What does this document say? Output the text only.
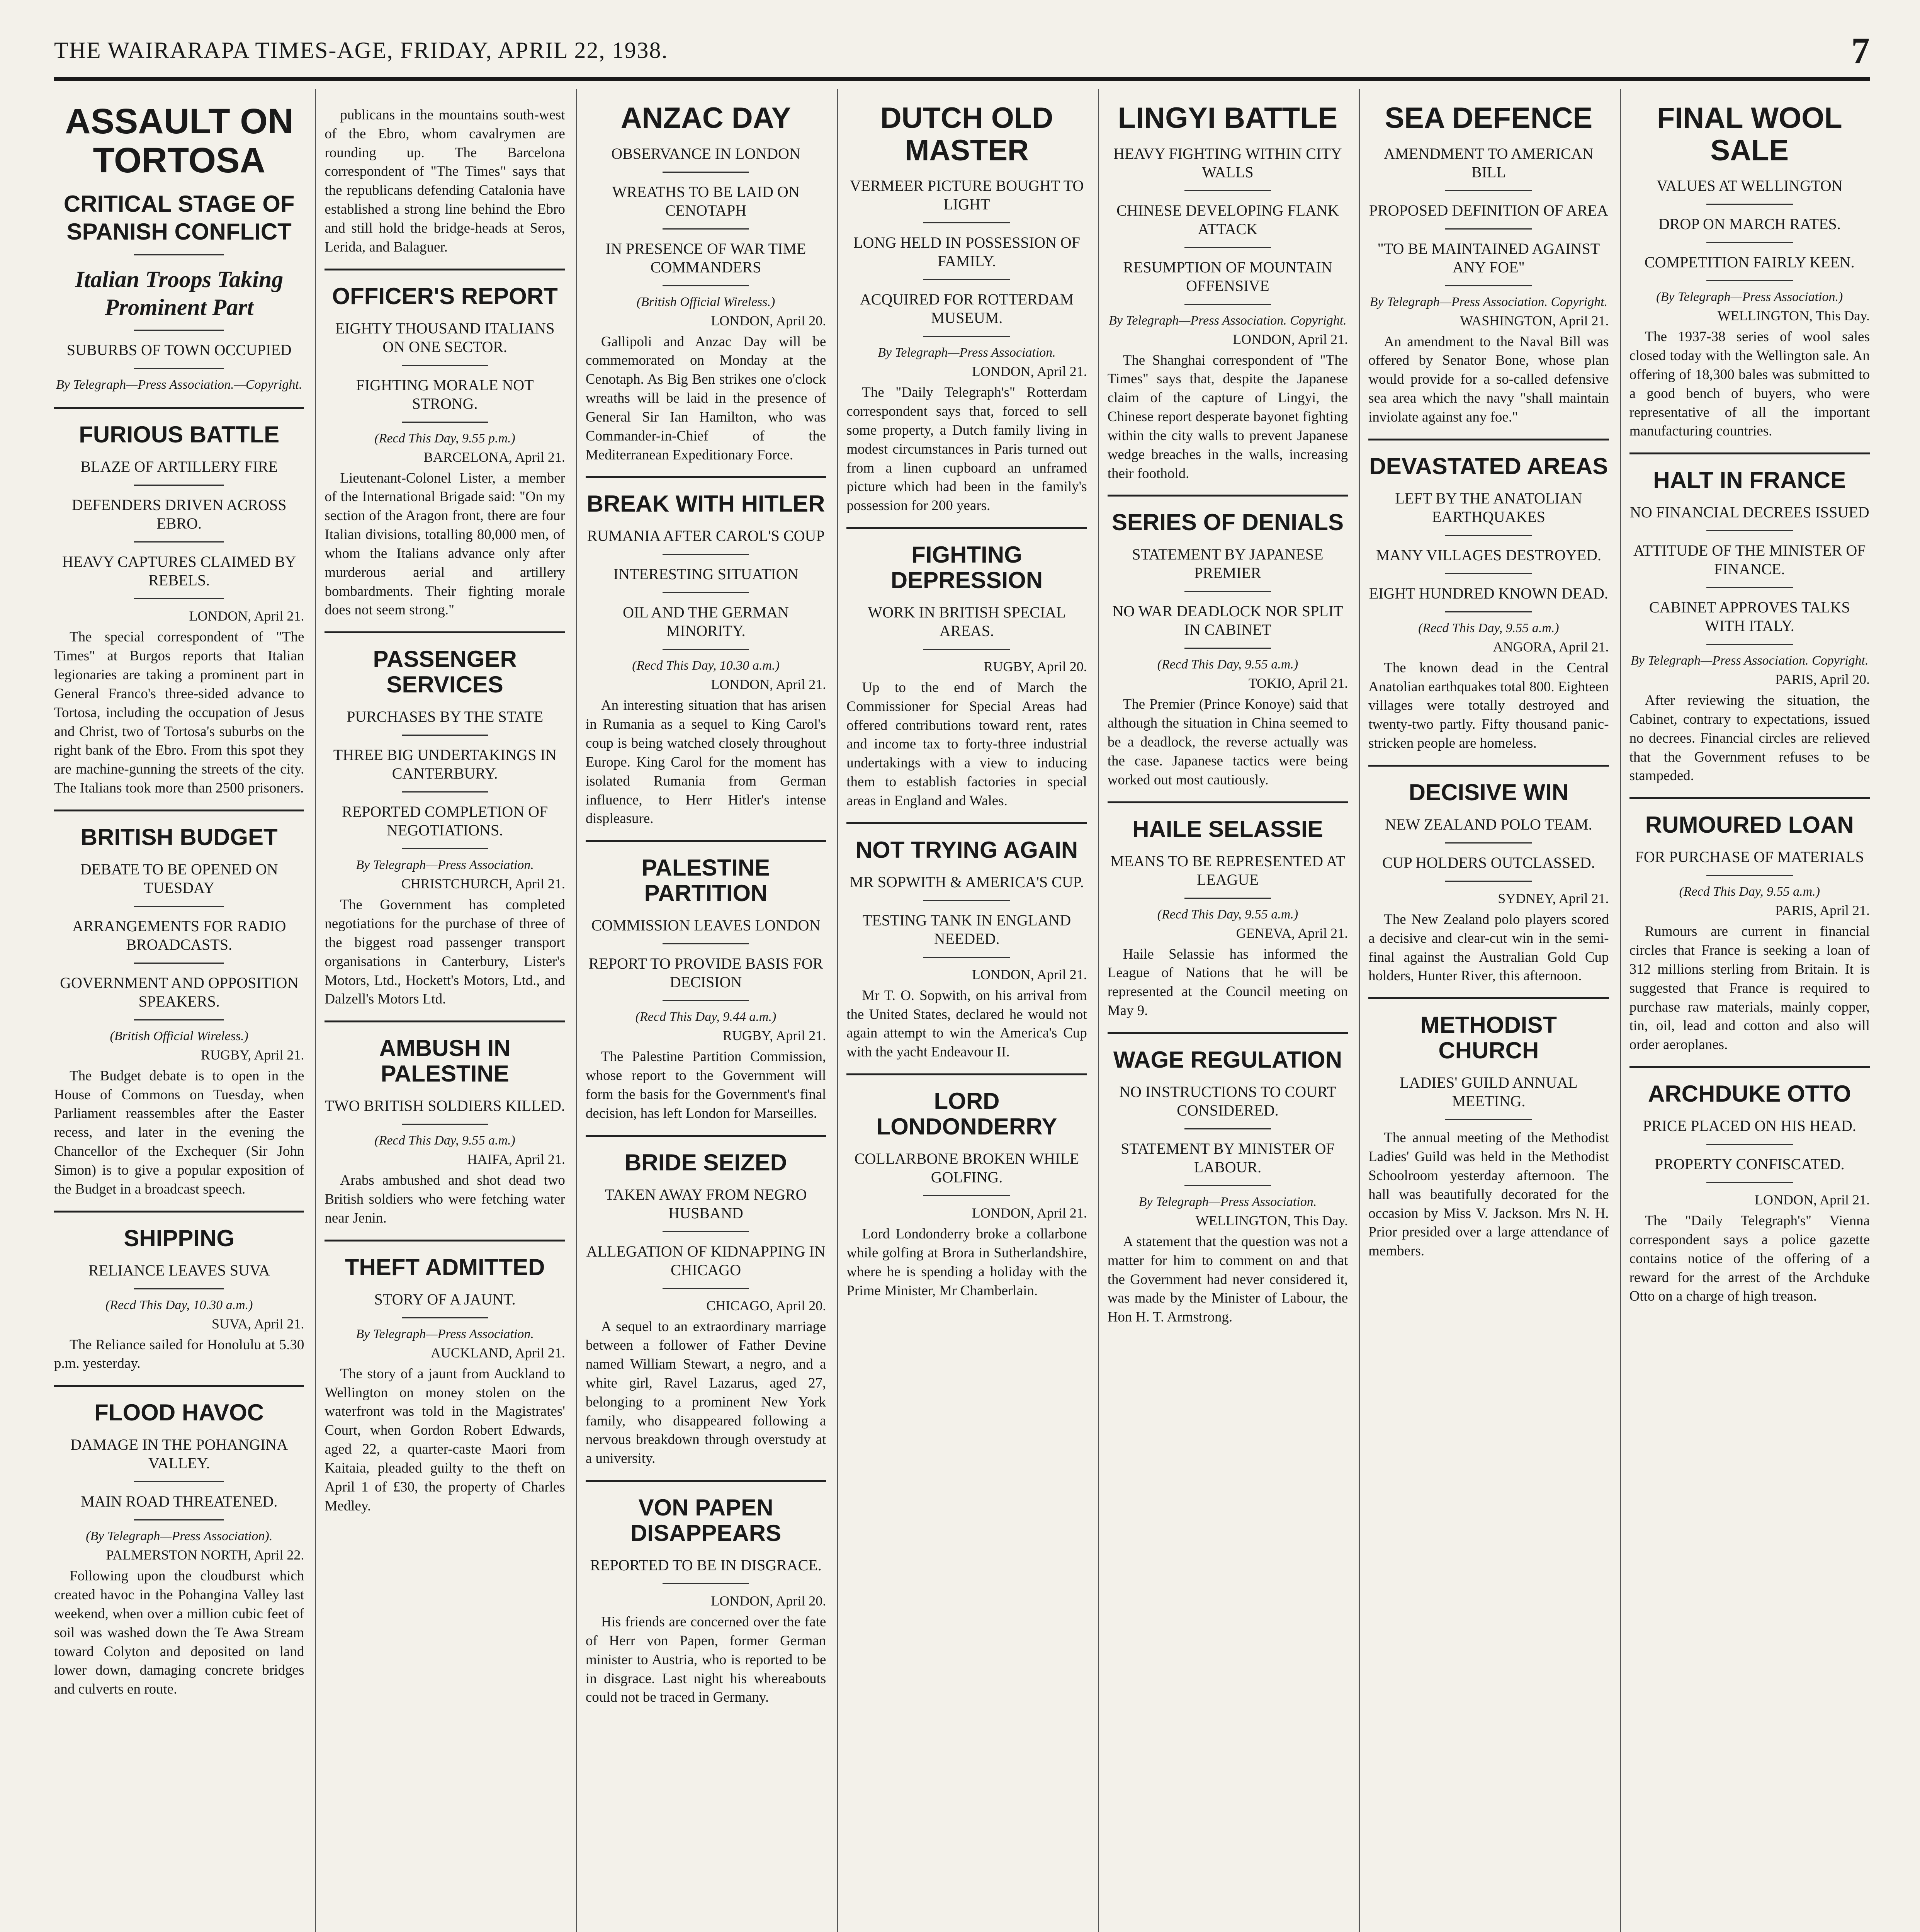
THE WAIRARAPA TIMES-AGE, FRIDAY, APRIL 22, 1938.	7
ASSAULT ON TORTOSA
CRITICAL STAGE OF SPANISH CONFLICT
Italian Troops Taking Prominent Part
SUBURBS OF TOWN OCCUPIED
By Telegraph—Press Association.—Copyright.
FURIOUS BATTLE
BLAZE OF ARTILLERY FIRE
DEFENDERS DRIVEN ACROSS EBRO.
HEAVY CAPTURES CLAIMED BY REBELS.
LONDON, April 21.
The special correspondent of "The Times" at Burgos reports that Italian legionaries are taking a prominent part in General Franco's three-sided advance to Tortosa, including the occupation of Jesus and Christ, two of Tortosa's suburbs on the right bank of the Ebro. From this spot they are machine-gunning the streets of the city. The Italians took more than 2500 prisoners.
BRITISH BUDGET
DEBATE TO BE OPENED ON TUESDAY
ARRANGEMENTS FOR RADIO BROADCASTS.
GOVERNMENT AND OPPOSITION SPEAKERS.
(British Official Wireless.)
RUGBY, April 21.
The Budget debate is to open in the House of Commons on Tuesday, when Parliament reassembles after the Easter recess, and later in the evening the Chancellor of the Exchequer (Sir John Simon) is to give a popular exposition of the Budget in a broadcast speech.
SHIPPING
RELIANCE LEAVES SUVA
(Recd This Day, 10.30 a.m.)
SUVA, April 21.
The Reliance sailed for Honolulu at 5.30 p.m. yesterday.
FLOOD HAVOC
DAMAGE IN THE POHANGINA VALLEY.
MAIN ROAD THREATENED.
(By Telegraph—Press Association).
PALMERSTON NORTH, April 22.
Following upon the cloudburst which created havoc in the Pohangina Valley last weekend, when over a million cubic feet of soil was washed down the Te Awa Stream toward Colyton and deposited on land lower down, damaging concrete bridges and culverts en route.
publicans in the mountains south-west of the Ebro, whom cavalrymen are rounding up. The Barcelona correspondent of "The Times" says that the republicans defending Catalonia have established a strong line behind the Ebro and still hold the bridge-heads at Seros, Lerida, and Balaguer.
OFFICER'S REPORT
EIGHTY THOUSAND ITALIANS ON ONE SECTOR.
FIGHTING MORALE NOT STRONG.
(Recd This Day, 9.55 p.m.)
BARCELONA, April 21.
Lieutenant-Colonel Lister, a member of the International Brigade said: "On my section of the Aragon front, there are four Italian divisions, totalling 80,000 men, of whom the Italians advance only after murderous aerial and artillery bombardments. Their fighting morale does not seem strong."
PASSENGER SERVICES
PURCHASES BY THE STATE
THREE BIG UNDERTAKINGS IN CANTERBURY.
REPORTED COMPLETION OF NEGOTIATIONS.
By Telegraph—Press Association.
CHRISTCHURCH, April 21.
The Government has completed negotiations for the purchase of three of the biggest road passenger transport organisations in Canterbury, Lister's Motors, Ltd., Hockett's Motors, Ltd., and Dalzell's Motors Ltd.
AMBUSH IN PALESTINE
TWO BRITISH SOLDIERS KILLED.
(Recd This Day, 9.55 a.m.)
HAIFA, April 21.
Arabs ambushed and shot dead two British soldiers who were fetching water near Jenin.
THEFT ADMITTED
STORY OF A JAUNT.
By Telegraph—Press Association.
AUCKLAND, April 21.
The story of a jaunt from Auckland to Wellington on money stolen on the waterfront was told in the Magistrates' Court, when Gordon Robert Edwards, aged 22, a quarter-caste Maori from Kaitaia, pleaded guilty to the theft on April 1 of £30, the property of Charles Medley.
ANZAC DAY
OBSERVANCE IN LONDON
WREATHS TO BE LAID ON CENOTAPH
IN PRESENCE OF WAR TIME COMMANDERS
(British Official Wireless.)
LONDON, April 20.
Gallipoli and Anzac Day will be commemorated on Monday at the Cenotaph. As Big Ben strikes one o'clock wreaths will be laid in the presence of General Sir Ian Hamilton, who was Commander-in-Chief of the Mediterranean Expeditionary Force.
BREAK WITH HITLER
RUMANIA AFTER CAROL'S COUP
INTERESTING SITUATION
OIL AND THE GERMAN MINORITY.
(Recd This Day, 10.30 a.m.)
LONDON, April 21.
An interesting situation that has arisen in Rumania as a sequel to King Carol's coup is being watched closely throughout Europe. King Carol for the moment has isolated Rumania from German influence, to Herr Hitler's intense displeasure.
PALESTINE PARTITION
COMMISSION LEAVES LONDON
REPORT TO PROVIDE BASIS FOR DECISION
(Recd This Day, 9.44 a.m.)
RUGBY, April 21.
The Palestine Partition Commission, whose report to the Government will form the basis for the Government's final decision, has left London for Marseilles.
BRIDE SEIZED
TAKEN AWAY FROM NEGRO HUSBAND
ALLEGATION OF KIDNAPPING IN CHICAGO
CHICAGO, April 20.
A sequel to an extraordinary marriage between a follower of Father Devine named William Stewart, a negro, and a white girl, Ravel Lazarus, aged 27, belonging to a prominent New York family, who disappeared following a nervous breakdown through overstudy at a university.
VON PAPEN DISAPPEARS
REPORTED TO BE IN DISGRACE.
LONDON, April 20.
His friends are concerned over the fate of Herr von Papen, former German minister to Austria, who is reported to be in disgrace. Last night his whereabouts could not be traced in Germany.
DUTCH OLD MASTER
VERMEER PICTURE BOUGHT TO LIGHT
LONG HELD IN POSSESSION OF FAMILY.
ACQUIRED FOR ROTTERDAM MUSEUM.
By Telegraph—Press Association.
LONDON, April 21.
The "Daily Telegraph's" Rotterdam correspondent says that, forced to sell some property, a Dutch family living in modest circumstances in Paris turned out from a linen cupboard an unframed picture which had been in the family's possession for 200 years.
FIGHTING DEPRESSION
WORK IN BRITISH SPECIAL AREAS.
RUGBY, April 20.
Up to the end of March the Commissioner for Special Areas had offered contributions toward rent, rates and income tax to forty-three industrial undertakings with a view to inducing them to establish factories in special areas in England and Wales.
NOT TRYING AGAIN
MR SOPWITH & AMERICA'S CUP.
TESTING TANK IN ENGLAND NEEDED.
LONDON, April 21.
Mr T. O. Sopwith, on his arrival from the United States, declared he would not again attempt to win the America's Cup with the yacht Endeavour II.
LORD LONDONDERRY
COLLARBONE BROKEN WHILE GOLFING.
LONDON, April 21.
Lord Londonderry broke a collarbone while golfing at Brora in Sutherlandshire, where he is spending a holiday with the Prime Minister, Mr Chamberlain.
LINGYI BATTLE
HEAVY FIGHTING WITHIN CITY WALLS
CHINESE DEVELOPING FLANK ATTACK
RESUMPTION OF MOUNTAIN OFFENSIVE
By Telegraph—Press Association. Copyright.
LONDON, April 21.
The Shanghai correspondent of "The Times" says that, despite the Japanese claim of the capture of Lingyi, the Chinese report desperate bayonet fighting within the city walls to prevent Japanese wedge breaches in the walls, increasing their foothold.
SERIES OF DENIALS
STATEMENT BY JAPANESE PREMIER
NO WAR DEADLOCK NOR SPLIT IN CABINET
(Recd This Day, 9.55 a.m.)
TOKIO, April 21.
The Premier (Prince Konoye) said that although the situation in China seemed to be a deadlock, the reverse actually was the case. Japanese tactics were being worked out most cautiously.
HAILE SELASSIE
MEANS TO BE REPRESENTED AT LEAGUE
(Recd This Day, 9.55 a.m.)
GENEVA, April 21.
Haile Selassie has informed the League of Nations that he will be represented at the Council meeting on May 9.
WAGE REGULATION
NO INSTRUCTIONS TO COURT CONSIDERED.
STATEMENT BY MINISTER OF LABOUR.
By Telegraph—Press Association.
WELLINGTON, This Day.
A statement that the question was not a matter for him to comment on and that the Government had never considered it, was made by the Minister of Labour, the Hon H. T. Armstrong.
SEA DEFENCE
AMENDMENT TO AMERICAN BILL
PROPOSED DEFINITION OF AREA
"TO BE MAINTAINED AGAINST ANY FOE"
By Telegraph—Press Association. Copyright.
WASHINGTON, April 21.
An amendment to the Naval Bill was offered by Senator Bone, whose plan would provide for a so-called defensive sea area which the navy "shall maintain inviolate against any foe."
DEVASTATED AREAS
LEFT BY THE ANATOLIAN EARTHQUAKES
MANY VILLAGES DESTROYED.
EIGHT HUNDRED KNOWN DEAD.
(Recd This Day, 9.55 a.m.)
ANGORA, April 21.
The known dead in the Central Anatolian earthquakes total 800. Eighteen villages were totally destroyed and twenty-two partly. Fifty thousand panic-stricken people are homeless.
DECISIVE WIN
NEW ZEALAND POLO TEAM.
CUP HOLDERS OUTCLASSED.
SYDNEY, April 21.
The New Zealand polo players scored a decisive and clear-cut win in the semi-final against the Australian Gold Cup holders, Hunter River, this afternoon.
METHODIST CHURCH
LADIES' GUILD ANNUAL MEETING.
The annual meeting of the Methodist Ladies' Guild was held in the Methodist Schoolroom yesterday afternoon. The hall was beautifully decorated for the occasion by Miss V. Jackson. Mrs N. H. Prior presided over a large attendance of members.
FINAL WOOL SALE
VALUES AT WELLINGTON
DROP ON MARCH RATES.
COMPETITION FAIRLY KEEN.
(By Telegraph—Press Association.)
WELLINGTON, This Day.
The 1937-38 series of wool sales closed today with the Wellington sale. An offering of 18,300 bales was submitted to a good bench of buyers, who were representative of all the important manufacturing countries.
HALT IN FRANCE
NO FINANCIAL DECREES ISSUED
ATTITUDE OF THE MINISTER OF FINANCE.
CABINET APPROVES TALKS WITH ITALY.
By Telegraph—Press Association. Copyright.
PARIS, April 20.
After reviewing the situation, the Cabinet, contrary to expectations, issued no decrees. Financial circles are relieved that the Government refuses to be stampeded.
RUMOURED LOAN
FOR PURCHASE OF MATERIALS
(Recd This Day, 9.55 a.m.)
PARIS, April 21.
Rumours are current in financial circles that France is seeking a loan of 312 millions sterling from Britain. It is suggested that France is required to purchase raw materials, mainly copper, tin, oil, lead and cotton and also will order aeroplanes.
ARCHDUKE OTTO
PRICE PLACED ON HIS HEAD.
PROPERTY CONFISCATED.
LONDON, April 21.
The "Daily Telegraph's" Vienna correspondent says a police gazette contains notice of the offering of a reward for the arrest of the Archduke Otto on a charge of high treason.
